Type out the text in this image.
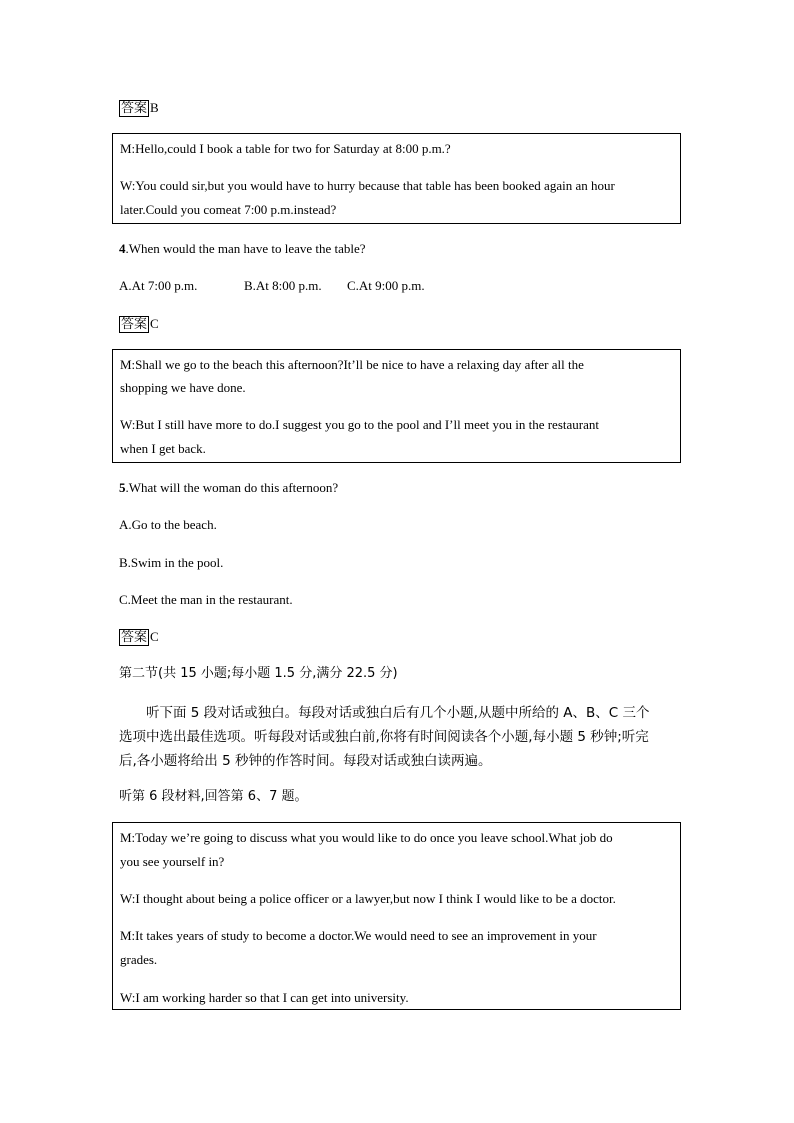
答案 B

M:Hello,could I book a table for two for Saturday at 8:00 p.m.?

W:You could sir,but you would have to hurry because that table has been booked again an hour

later.Could you comeat 7:00 p.m.instead?

4.When would the man have to leave the table?
A.At 7:00 p.m.	B.At 8:00 p.m. C.At 9:00 p.m.
答案 C

M:Shall we go to the beach this afternoon?It’ll be nice to have a relaxing day after all the

shopping we have done.

W:But I still have more to do.I suggest you go to the pool and I’ll meet you in the restaurant

when I get back.

5.What will the woman do this afternoon?
A.Go to the beach.
B.Swim in the pool.
C.Meet the man in the restaurant.
答案 C
第二节(共 15 小题;每小题 1.5 分,满分 22.5 分)
听下面 5 段对话或独白。每段对话或独白后有几个小题,从题中所给的 A、B、C 三个
选项中选出最佳选项。听每段对话或独白前,你将有时间阅读各个小题,每小题 5 秒钟;听完
后,各小题将给出 5 秒钟的作答时间。每段对话或独白读两遍。
听第 6 段材料,回答第 6、7 题。

M:Today we’re going to discuss what you would like to do once you leave school.What job do

you see yourself in?

W:I thought about being a police officer or a lawyer,but now I think I would like to be a doctor.

M:It takes years of study to become a doctor.We would need to see an improvement in your

grades.

W:I am working harder so that I can get into university.
